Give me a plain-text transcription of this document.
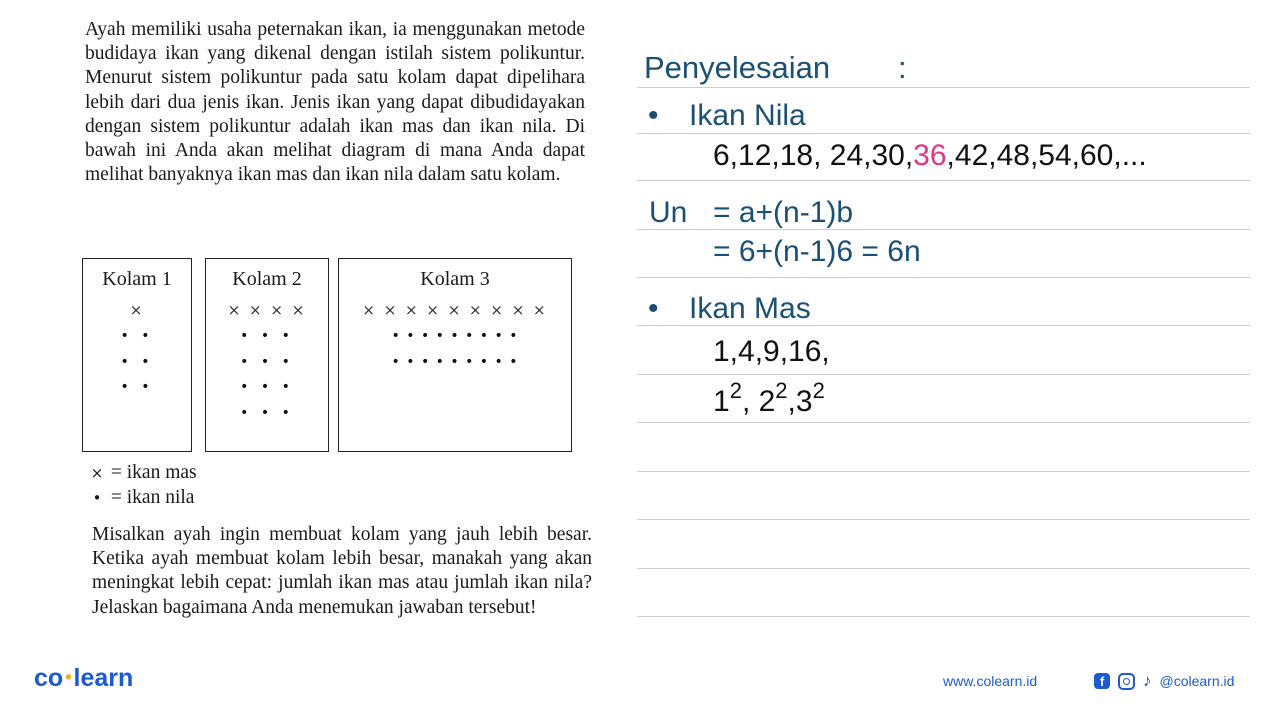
Ayah memiliki usaha peternakan ikan, ia menggunakan metode budidaya ikan yang dikenal dengan istilah sistem polikuntur. Menurut sistem polikuntur pada satu kolam dapat dipelihara lebih dari dua jenis ikan. Jenis ikan yang dapat dibudidayakan dengan sistem polikuntur adalah ikan mas dan ikan nila. Di bawah ini Anda akan melihat diagram di mana Anda dapat melihat banyaknya ikan mas dan ikan nila dalam satu kolam.

Kolam 1
×
• •
• •
• •
Kolam 2
× × × ×
• • •
• • •
• • •
• • •
Kolam 3
× × × × × × × × ×
• • • • • • • • •
• • • • • • • • •
× = ikan mas
• = ikan nila
Misalkan ayah ingin membuat kolam yang jauh lebih besar. Ketika ayah membuat kolam lebih besar, manakah yang akan meningkat lebih cepat: jumlah ikan mas atau jumlah ikan nila? Jelaskan bagaimana Anda menemukan jawaban tersebut!
Penyelesaian :
• Ikan Nila
6,12,18, 24,30,36,42,48,54,60,...
Un = a+(n-1)b
= 6+(n-1)6 = 6n
• Ikan Mas
1,4,9,16,
$1^2$, $2^2,3^2$
co •learn	www.colearn.id	f	♪ @colearn.id
